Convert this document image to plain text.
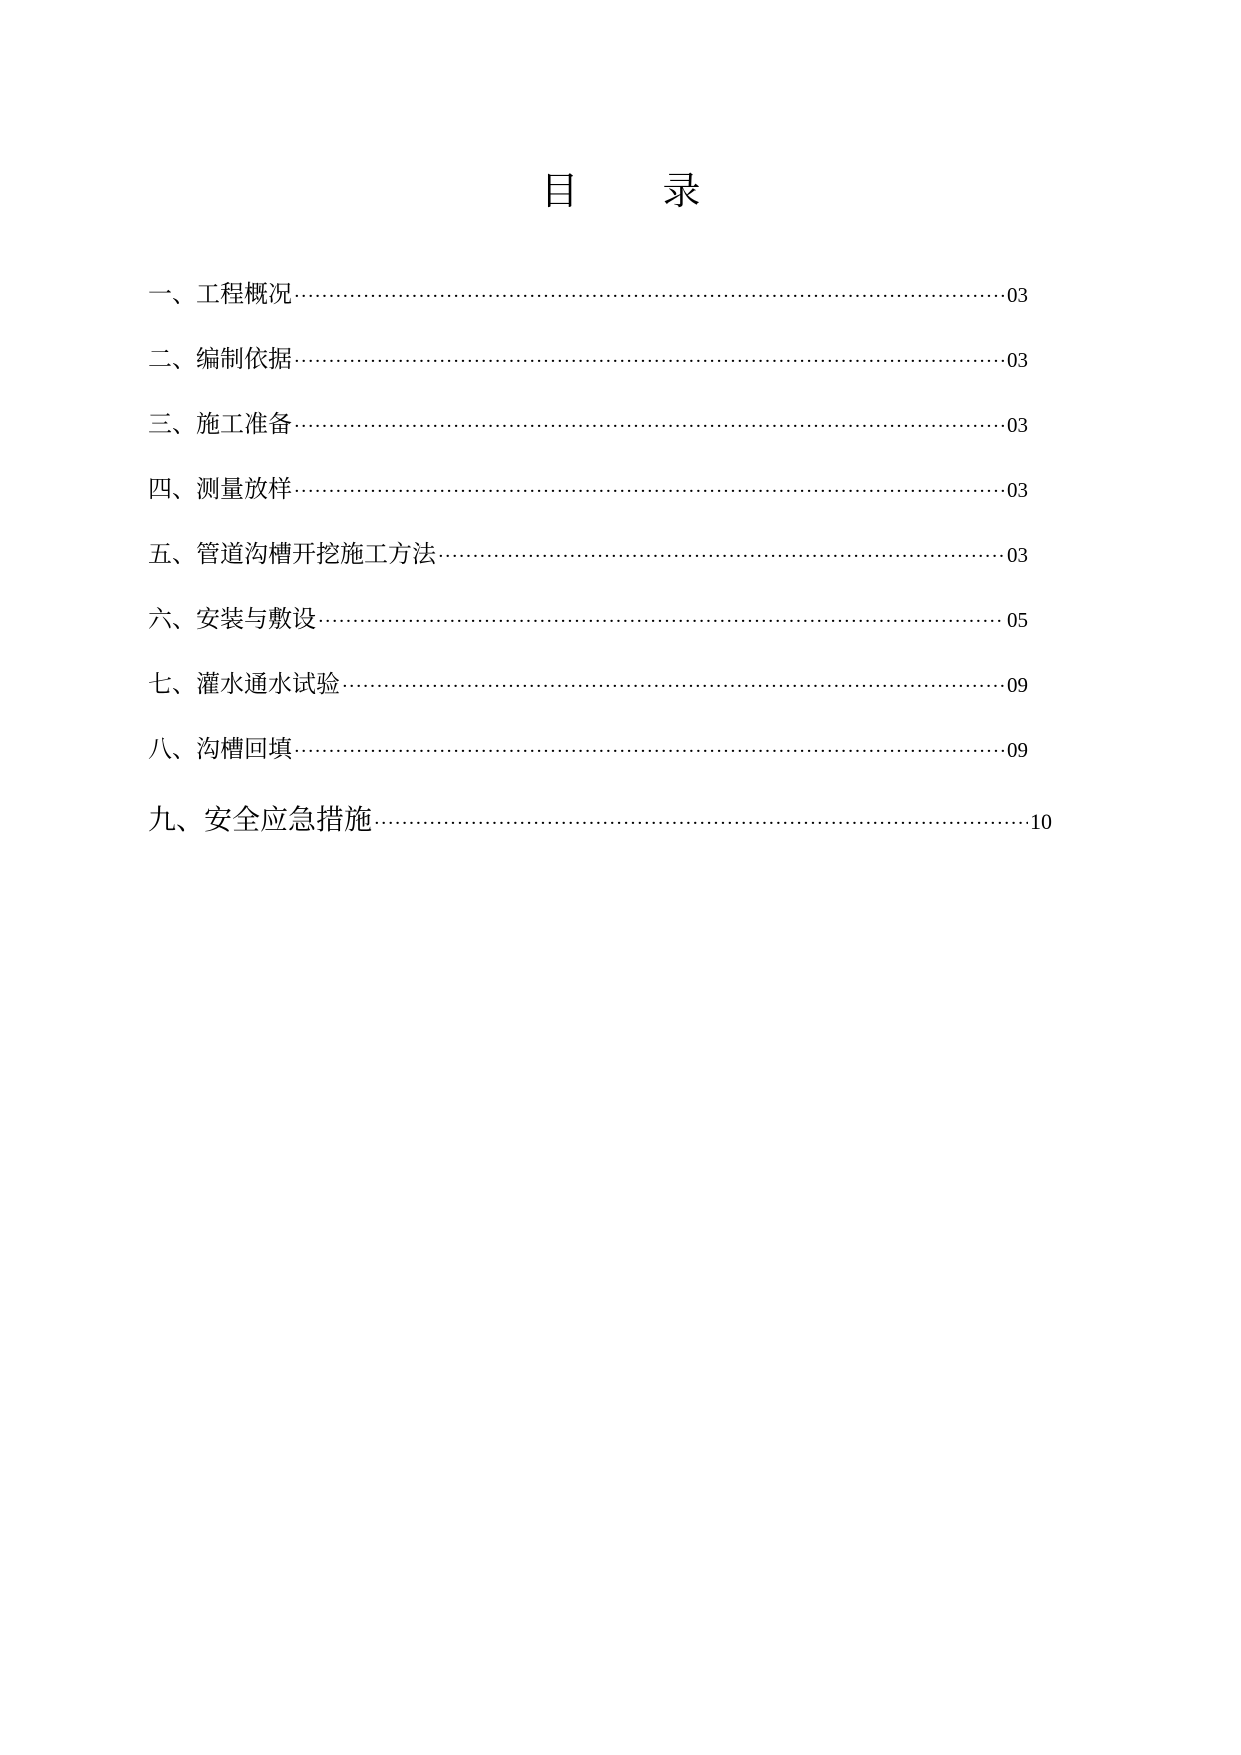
目 录
一、工程概况 ·····	03
二、编制依据 ·····	03
三、施工准备 ·····	03
四、测量放样 ·····	03
五、管道沟槽开挖施工方法 ·····	03
六、安装与敷设 ·····	05
七、灌水通水试验 ·····	09
八、沟槽回填 ·····	09
九、安全应急措施 ·····	10
